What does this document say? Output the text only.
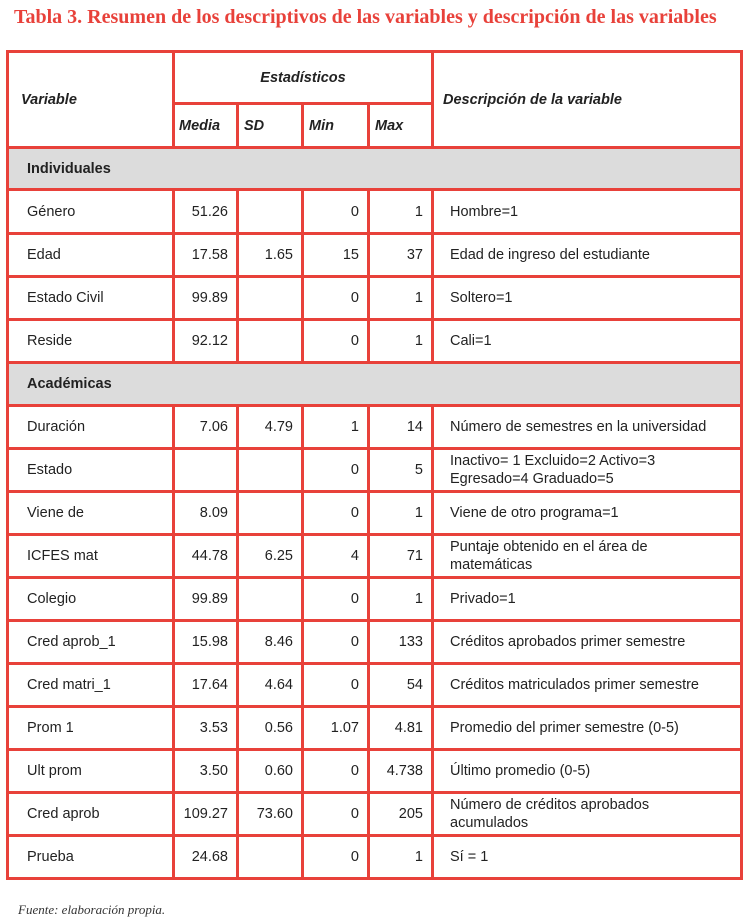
Tabla 3. Resumen de los descriptivos de las variables y descripción de las variables
Variable	Estadísticos				Descripción de la variable
	Media	SD	Min	Max	
Individuales					
Género	51.26		0	1	Hombre=1

Edad	17.58	1.65	15	37	Edad de ingreso del estudiante

Estado Civil	99.89		0	1	Soltero=1

Reside	92.12		0	1	Cali=1

Académicas					
Duración	7.06	4.79	1	14	Número de semestres en la universidad

Estado			0	5	Inactivo= 1 Excluido=2 Activo=3
Egresado=4 Graduado=5

Viene de	8.09		0	1	Viene de otro programa=1

ICFES mat	44.78	6.25	4	71	Puntaje obtenido en el área de
matemáticas

Colegio	99.89		0	1	Privado=1

Cred aprob_1	15.98	8.46	0	133	Créditos aprobados primer semestre

Cred matri_1	17.64	4.64	0	54	Créditos matriculados primer semestre

Prom 1	3.53	0.56	1.07	4.81	Promedio del primer semestre (0-5)

Ult prom	3.50	0.60	0	4.738	Último promedio (0-5)

Cred aprob	109.27	73.60	0	205	Número de créditos aprobados
acumulados

Prueba	24.68		0	1	Sí = 1
Fuente: elaboración propia.
